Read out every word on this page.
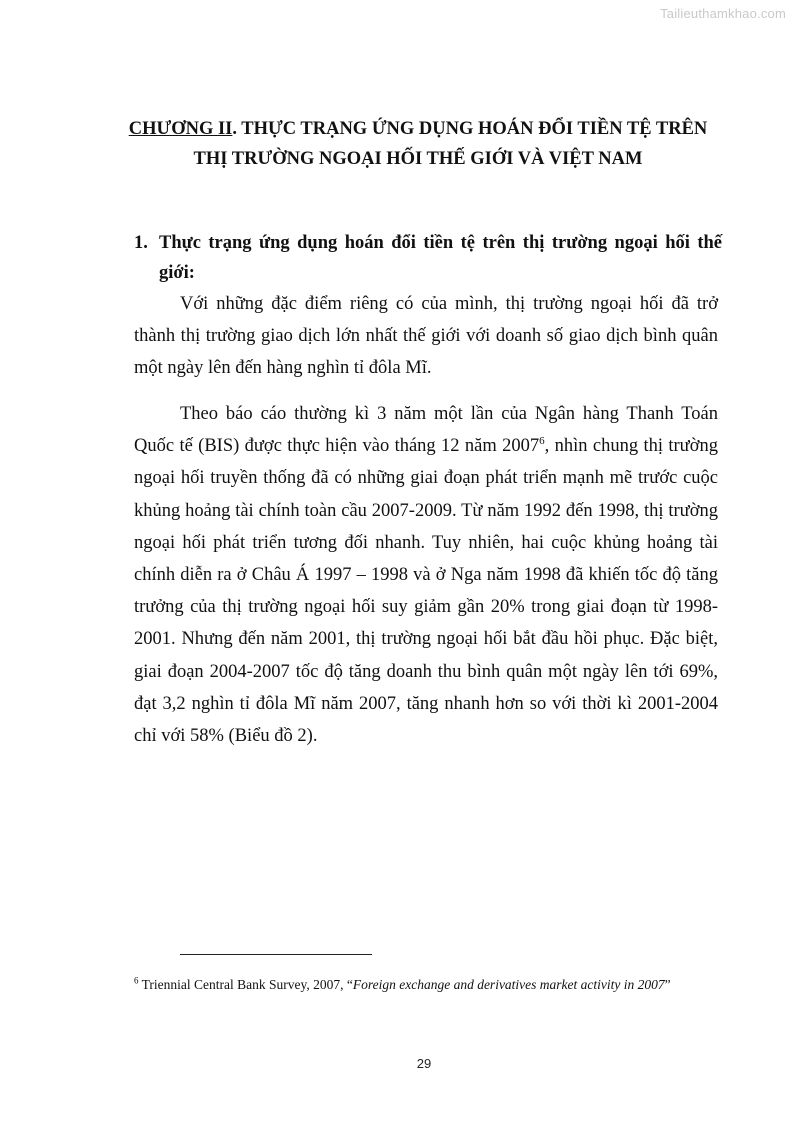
Tailieuthamkhao.com
CHƯƠNG II. THỰC TRẠNG ỨNG DỤNG HOÁN ĐỔI TIỀN TỆ TRÊN THỊ TRƯỜNG NGOẠI HỐI THẾ GIỚI VÀ VIỆT NAM
1. Thực trạng ứng dụng hoán đổi tiền tệ trên thị trường ngoại hối thế giới:

Với những đặc điểm riêng có của mình, thị trường ngoại hối đã trở thành thị trường giao dịch lớn nhất thế giới với doanh số giao dịch bình quân một ngày lên đến hàng nghìn tỉ đôla Mĩ.

Theo báo cáo thường kì 3 năm một lần của Ngân hàng Thanh Toán Quốc tế (BIS) được thực hiện vào tháng 12 năm 2007$^6$, nhìn chung thị trường ngoại hối truyền thống đã có những giai đoạn phát triển mạnh mẽ trước cuộc khủng hoảng tài chính toàn cầu 2007-2009. Từ năm 1992 đến 1998, thị trường ngoại hối phát triển tương đối nhanh. Tuy nhiên, hai cuộc khủng hoảng tài chính diễn ra ở Châu Á 1997 – 1998 và ở Nga năm 1998 đã khiến tốc độ tăng trưởng của thị trường ngoại hối suy giảm gần 20% trong giai đoạn từ 1998-2001. Nhưng đến năm 2001, thị trường ngoại hối bắt đầu hồi phục. Đặc biệt, giai đoạn 2004-2007 tốc độ tăng doanh thu bình quân một ngày lên tới 69%, đạt 3,2 nghìn tỉ đôla Mĩ năm 2007, tăng nhanh hơn so với thời kì 2001-2004 chỉ với 58% (Biểu đồ 2).

$^6$ Triennial Central Bank Survey, 2007, “Foreign exchange and derivatives market activity in 2007”

29
